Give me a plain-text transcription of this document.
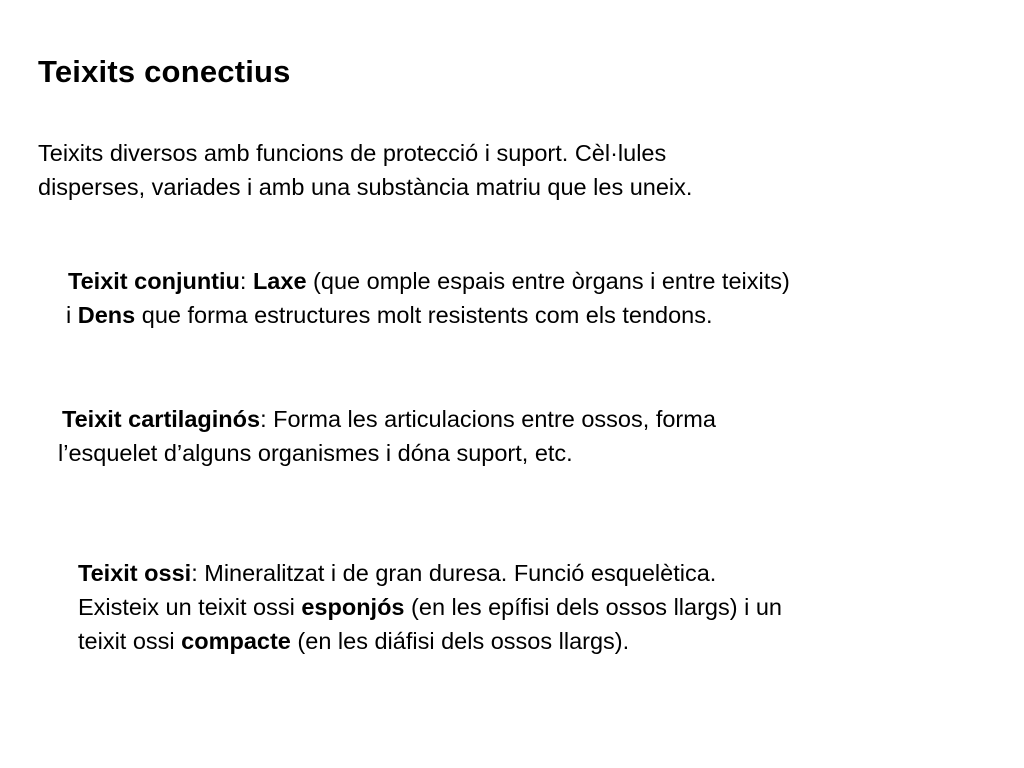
Teixits conectius

Teixits diversos amb funcions de protecció i suport. Cèl·lules
disperses, variades i amb una substància matriu que les uneix.

Teixit conjuntiu: Laxe (que omple espais entre òrgans i entre teixits)
i Dens que forma estructures molt resistents com els tendons.

Teixit cartilaginós: Forma les articulacions entre ossos, forma
l’esquelet d’alguns organismes i dóna suport, etc.

Teixit ossi: Mineralitzat i de gran duresa. Funció esquelètica.
Existeix un teixit ossi esponjós (en les epífisi dels ossos llargs) i un
teixit ossi compacte (en les diáfisi dels ossos llargs).
